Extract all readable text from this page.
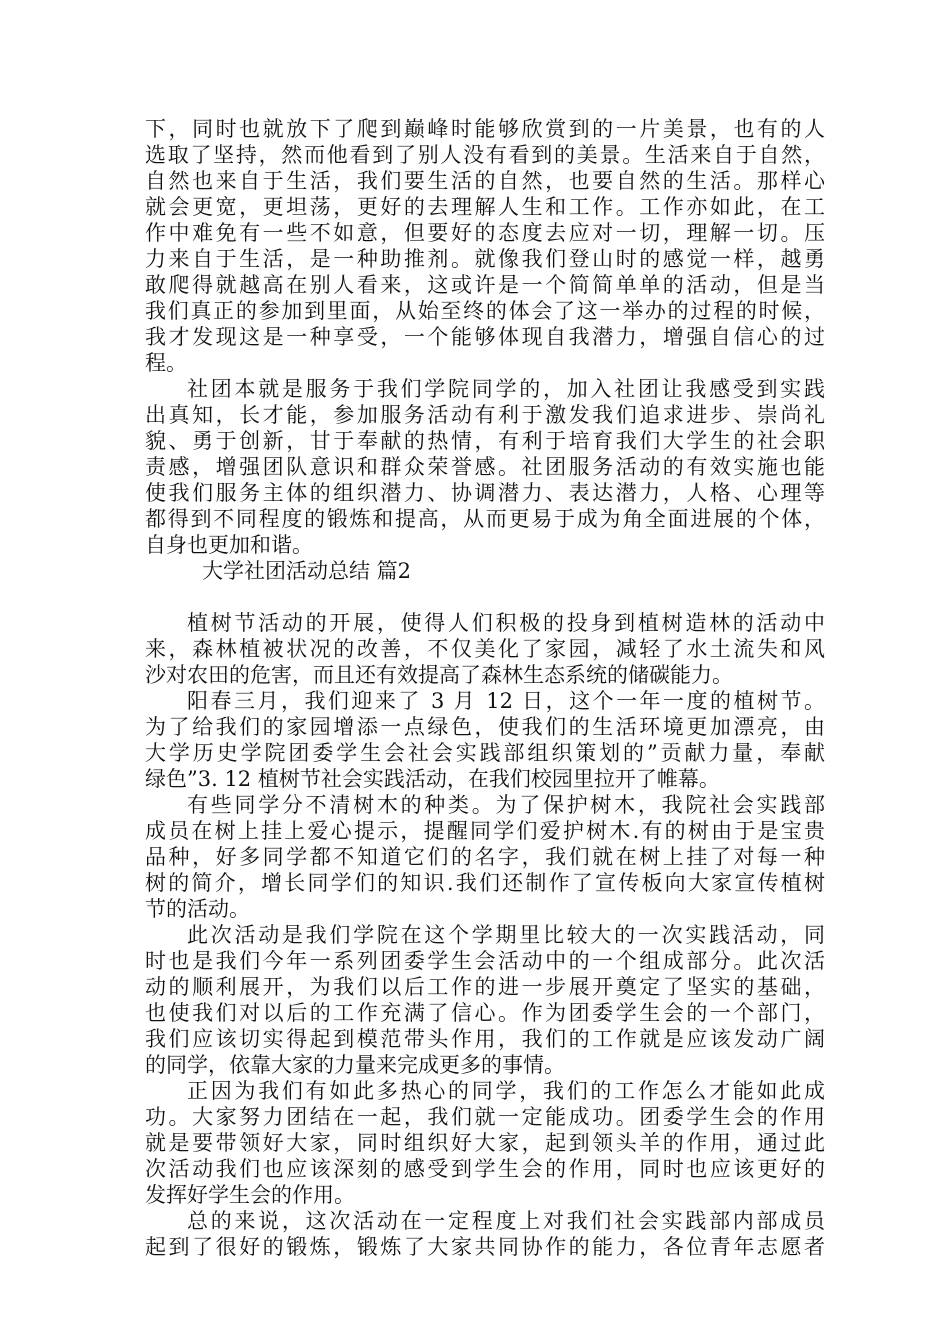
下，同时也就放下了爬到巅峰时能够欣赏到的一片美景，也有的人
选取了坚持，然而他看到了别人没有看到的美景。生活来自于自然，
自然也来自于生活，我们要生活的自然，也要自然的生活。那样心
就会更宽，更坦荡，更好的去理解人生和工作。工作亦如此，在工
作中难免有一些不如意，但要好的态度去应对一切，理解一切。压
力来自于生活，是一种助推剂。就像我们登山时的感觉一样，越勇
敢爬得就越高在别人看来，这或许是一个简简单单的活动，但是当
我们真正的参加到里面，从始至终的体会了这一举办的过程的时候，
我才发现这是一种享受，一个能够体现自我潜力，增强自信心的过
程。
社团本就是服务于我们学院同学的，加入社团让我感受到实践
出真知，长才能，参加服务活动有利于激发我们追求进步、崇尚礼
貌、勇于创新，甘于奉献的热情，有利于培育我们大学生的社会职
责感，增强团队意识和群众荣誉感。社团服务活动的有效实施也能
使我们服务主体的组织潜力、协调潜力、表达潜力，人格、心理等
都得到不同程度的锻炼和提高，从而更易于成为角全面进展的个体，
自身也更加和谐。
大学社团活动总结 篇2
植树节活动的开展，使得人们积极的投身到植树造林的活动中
来，森林植被状况的改善，不仅美化了家园，减轻了水土流失和风
沙对农田的危害，而且还有效提高了森林生态系统的储碳能力。
阳春三月，我们迎来了 3 月 12 日，这个一年一度的植树节。
为了给我们的家园增添一点绿色，使我们的生活环境更加漂亮，由
大学历史学院团委学生会社会实践部组织策划的”贡献力量，奉献
绿色”3. 12 植树节社会实践活动，在我们校园里拉开了帷幕。
有些同学分不清树木的种类。为了保护树木，我院社会实践部
成员在树上挂上爱心提示，提醒同学们爱护树木.有的树由于是宝贵
品种，好多同学都不知道它们的名字，我们就在树上挂了对每一种
树的简介，增长同学们的知识.我们还制作了宣传板向大家宣传植树
节的活动。
此次活动是我们学院在这个学期里比较大的一次实践活动，同
时也是我们今年一系列团委学生会活动中的一个组成部分。此次活
动的顺利展开，为我们以后工作的进一步展开奠定了坚实的基础，
也使我们对以后的工作充满了信心。作为团委学生会的一个部门，
我们应该切实得起到模范带头作用，我们的工作就是应该发动广阔
的同学，依靠大家的力量来完成更多的事情。
正因为我们有如此多热心的同学，我们的工作怎么才能如此成
功。大家努力团结在一起，我们就一定能成功。团委学生会的作用
就是要带领好大家，同时组织好大家，起到领头羊的作用，通过此
次活动我们也应该深刻的感受到学生会的作用，同时也应该更好的
发挥好学生会的作用。
总的来说，这次活动在一定程度上对我们社会实践部内部成员
起到了很好的锻炼，锻炼了大家共同协作的能力，各位青年志愿者
